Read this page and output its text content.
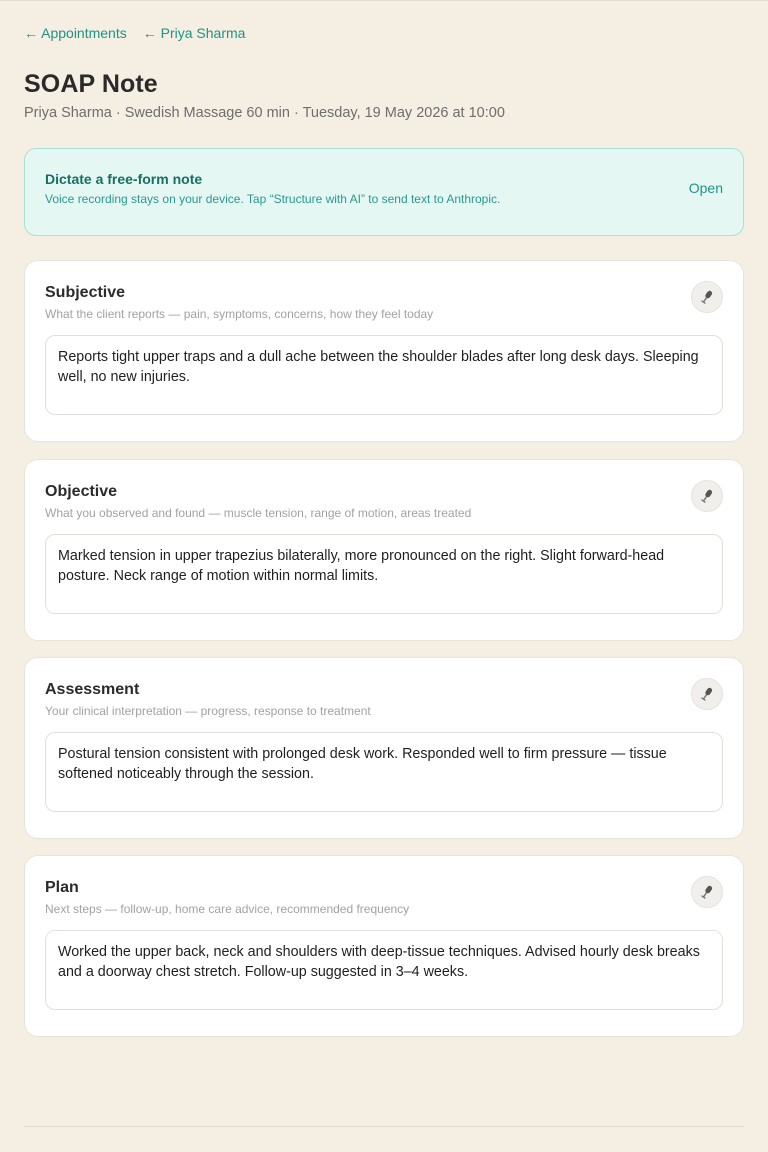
← Appointments ← Priya Sharma
SOAP Note
Priya Sharma · Swedish Massage 60 min · Tuesday, 19 May 2026 at 10:00
Dictate a free-form note
Voice recording stays on your device. Tap “Structure with AI” to send text to Anthropic.
Open
Subjective
What the client reports — pain, symptoms, concerns, how they feel today
Reports tight upper traps and a dull ache between the shoulder blades after long desk days. Sleeping well, no new injuries.
Objective
What you observed and found — muscle tension, range of motion, areas treated
Marked tension in upper trapezius bilaterally, more pronounced on the right. Slight forward-head posture. Neck range of motion within normal limits.
Assessment
Your clinical interpretation — progress, response to treatment
Postural tension consistent with prolonged desk work. Responded well to firm pressure — tissue softened noticeably through the session.
Plan
Next steps — follow-up, home care advice, recommended frequency
Worked the upper back, neck and shoulders with deep-tissue techniques. Advised hourly desk breaks and a doorway chest stretch. Follow-up suggested in 3–4 weeks.
